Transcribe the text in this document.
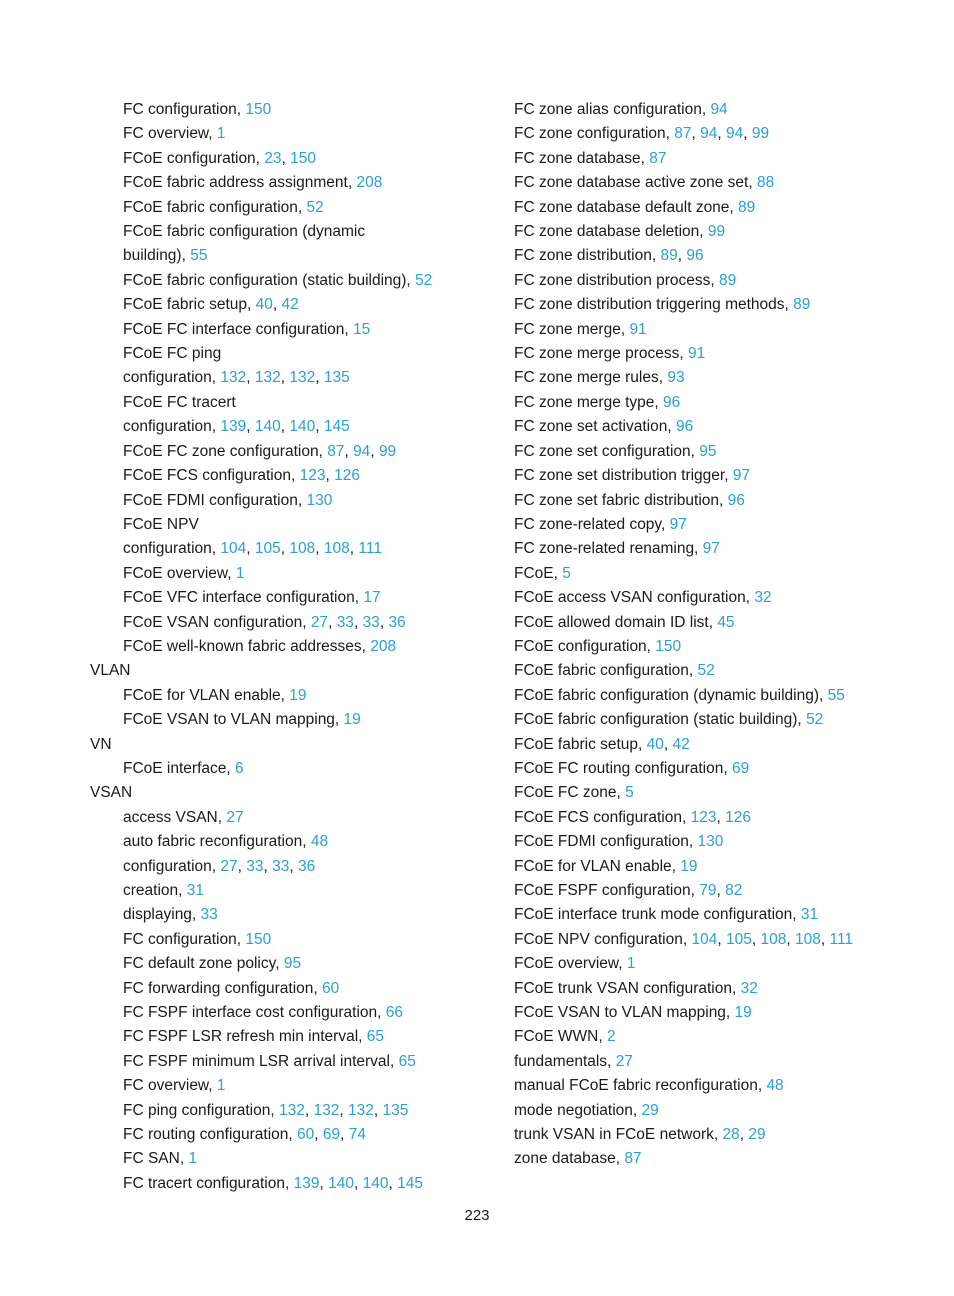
FC configuration, 150
FC overview, 1
FCoE configuration, 23, 150
FCoE fabric address assignment, 208
FCoE fabric configuration, 52
FCoE fabric configuration (dynamic
building), 55
FCoE fabric configuration (static building), 52
FCoE fabric setup, 40, 42
FCoE FC interface configuration, 15
FCoE FC ping
configuration, 132, 132, 132, 135
FCoE FC tracert
configuration, 139, 140, 140, 145
FCoE FC zone configuration, 87, 94, 99
FCoE FCS configuration, 123, 126
FCoE FDMI configuration, 130
FCoE NPV
configuration, 104, 105, 108, 108, 111
FCoE overview, 1
FCoE VFC interface configuration, 17
FCoE VSAN configuration, 27, 33, 33, 36
FCoE well-known fabric addresses, 208
VLAN
FCoE for VLAN enable, 19
FCoE VSAN to VLAN mapping, 19
VN
FCoE interface, 6
VSAN
access VSAN, 27
auto fabric reconfiguration, 48
configuration, 27, 33, 33, 36
creation, 31
displaying, 33
FC configuration, 150
FC default zone policy, 95
FC forwarding configuration, 60
FC FSPF interface cost configuration, 66
FC FSPF LSR refresh min interval, 65
FC FSPF minimum LSR arrival interval, 65
FC overview, 1
FC ping configuration, 132, 132, 132, 135
FC routing configuration, 60, 69, 74
FC SAN, 1
FC tracert configuration, 139, 140, 140, 145
FC zone alias configuration, 94
FC zone configuration, 87, 94, 94, 99
FC zone database, 87
FC zone database active zone set, 88
FC zone database default zone, 89
FC zone database deletion, 99
FC zone distribution, 89, 96
FC zone distribution process, 89
FC zone distribution triggering methods, 89
FC zone merge, 91
FC zone merge process, 91
FC zone merge rules, 93
FC zone merge type, 96
FC zone set activation, 96
FC zone set configuration, 95
FC zone set distribution trigger, 97
FC zone set fabric distribution, 96
FC zone-related copy, 97
FC zone-related renaming, 97
FCoE, 5
FCoE access VSAN configuration, 32
FCoE allowed domain ID list, 45
FCoE configuration, 150
FCoE fabric configuration, 52
FCoE fabric configuration (dynamic building), 55
FCoE fabric configuration (static building), 52
FCoE fabric setup, 40, 42
FCoE FC routing configuration, 69
FCoE FC zone, 5
FCoE FCS configuration, 123, 126
FCoE FDMI configuration, 130
FCoE for VLAN enable, 19
FCoE FSPF configuration, 79, 82
FCoE interface trunk mode configuration, 31
FCoE NPV configuration, 104, 105, 108, 108, 111
FCoE overview, 1
FCoE trunk VSAN configuration, 32
FCoE VSAN to VLAN mapping, 19
FCoE WWN, 2
fundamentals, 27
manual FCoE fabric reconfiguration, 48
mode negotiation, 29
trunk VSAN in FCoE network, 28, 29
zone database, 87
223
